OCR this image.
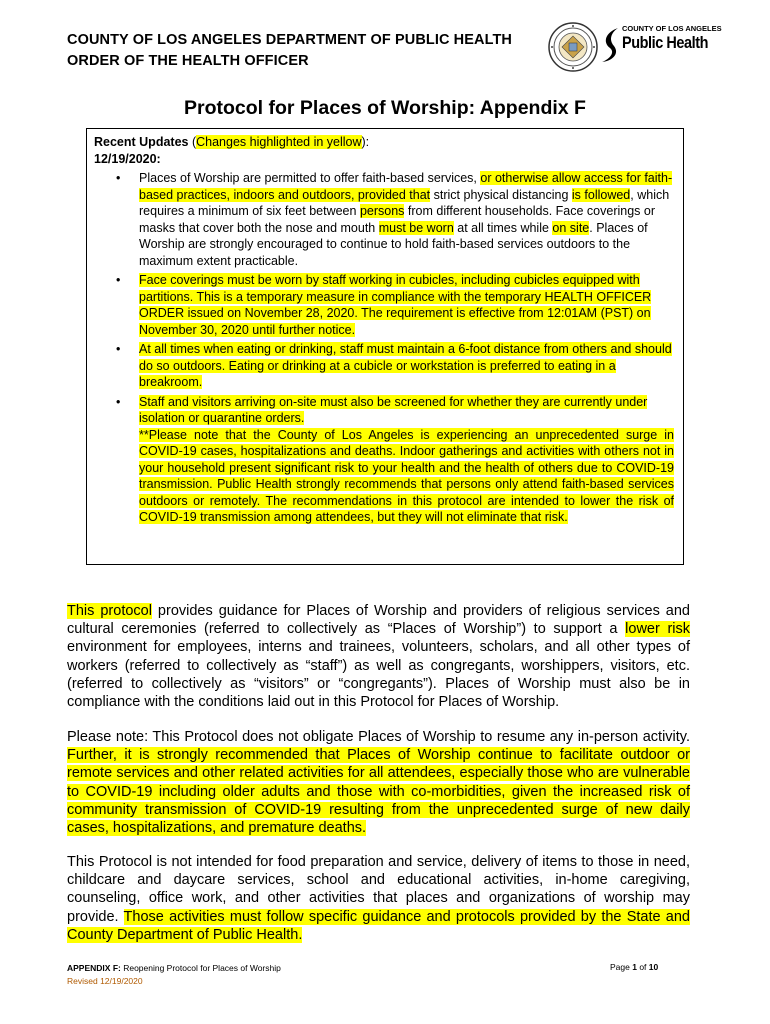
COUNTY OF LOS ANGELES DEPARTMENT OF PUBLIC HEALTH
ORDER OF THE HEALTH OFFICER
COUNTY OF LOS ANGELES
Public Health
Protocol for Places of Worship: Appendix F

Recent Updates (Changes highlighted in yellow):

12/19/2020:

• Places of Worship are permitted to offer faith-based services, or otherwise allow access for faith-based practices, indoors and outdoors, provided that strict physical distancing is followed, which requires a minimum of six feet between persons from different households. Face coverings or masks that cover both the nose and mouth must be worn at all times while on site. Places of Worship are strongly encouraged to continue to hold faith-based services outdoors to the maximum extent practicable.
• Face coverings must be worn by staff working in cubicles, including cubicles equipped with partitions. This is a temporary measure in compliance with the temporary HEALTH OFFICER ORDER issued on November 28, 2020. The requirement is effective from 12:01AM (PST) on November 30, 2020 until further notice.
• At all times when eating or drinking, staff must maintain a 6-foot distance from others and should do so outdoors. Eating or drinking at a cubicle or workstation is preferred to eating in a breakroom.
• Staff and visitors arriving on-site must also be screened for whether they are currently under isolation or quarantine orders.
**Please note that the County of Los Angeles is experiencing an unprecedented surge in COVID-19 cases, hospitalizations and deaths. Indoor gatherings and activities with others not in your household present significant risk to your health and the health of others due to COVID-19 transmission. Public Health strongly recommends that persons only attend faith-based services outdoors or remotely. The recommendations in this protocol are intended to lower the risk of COVID-19 transmission among attendees, but they will not eliminate that risk.

This protocol provides guidance for Places of Worship and providers of religious services and cultural ceremonies (referred to collectively as “Places of Worship”) to support a lower risk environment for employees, interns and trainees, volunteers, scholars, and all other types of workers (referred to collectively as “staff”) as well as congregants, worshippers, visitors, etc. (referred to collectively as “visitors” or “congregants”). Places of Worship must also be in compliance with the conditions laid out in this Protocol for Places of Worship.

Please note: This Protocol does not obligate Places of Worship to resume any in-person activity. Further, it is strongly recommended that Places of Worship continue to facilitate outdoor or remote services and other related activities for all attendees, especially those who are vulnerable to COVID-19 including older adults and those with co-morbidities, given the increased risk of community transmission of COVID-19 resulting from the unprecedented surge of new daily cases, hospitalizations, and premature deaths.

This Protocol is not intended for food preparation and service, delivery of items to those in need, childcare and daycare services, school and educational activities, in-home caregiving, counseling, office work, and other activities that places and organizations of worship may provide. Those activities must follow specific guidance and protocols provided by the State and County Department of Public Health.

APPENDIX F: Reopening Protocol for Places of Worship
Revised 12/19/2020
Page 1 of 10
